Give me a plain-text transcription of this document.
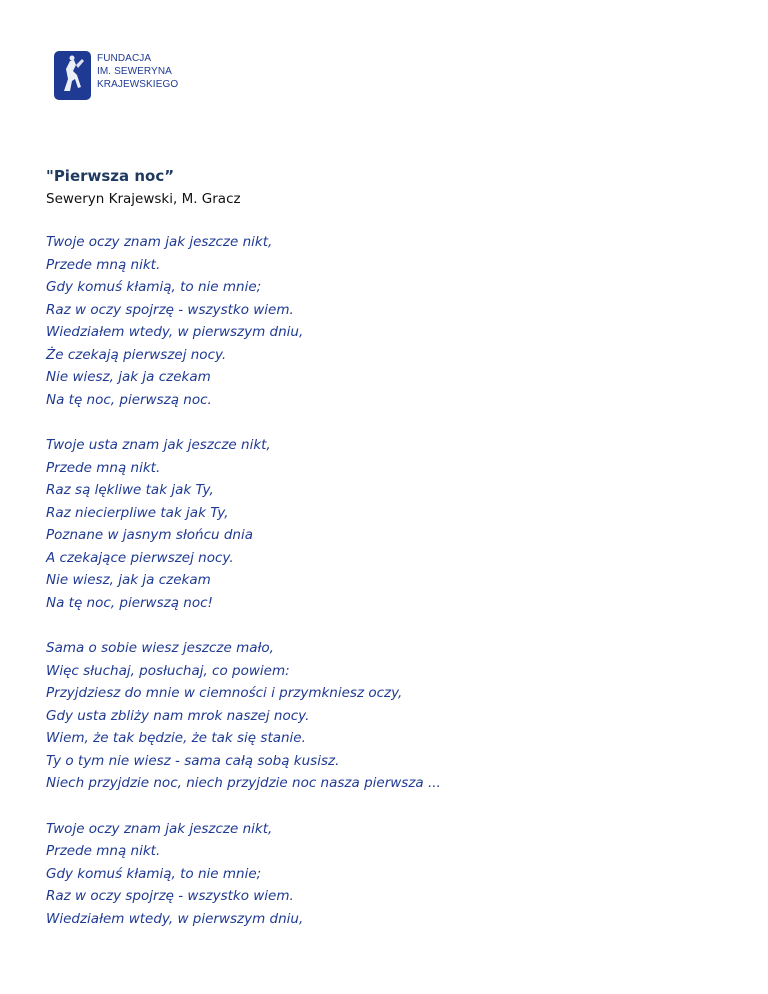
FUNDACJA
IM. SEWERYNA
KRAJEWSKIEGO
"Pierwsza noc”
Seweryn Krajewski, M. Gracz
Twoje oczy znam jak jeszcze nikt,
Przede mną nikt.
Gdy komuś kłamią, to nie mnie;
Raz w oczy spojrzę - wszystko wiem.
Wiedziałem wtedy, w pierwszym dniu,
Że czekają pierwszej nocy.
Nie wiesz, jak ja czekam
Na tę noc, pierwszą noc.
Twoje usta znam jak jeszcze nikt,
Przede mną nikt.
Raz są lękliwe tak jak Ty,
Raz niecierpliwe tak jak Ty,
Poznane w jasnym słońcu dnia
A czekające pierwszej nocy.
Nie wiesz, jak ja czekam
Na tę noc, pierwszą noc!
Sama o sobie wiesz jeszcze mało,
Więc słuchaj, posłuchaj, co powiem:
Przyjdziesz do mnie w ciemności i przymkniesz oczy,
Gdy usta zbliży nam mrok naszej nocy.
Wiem, że tak będzie, że tak się stanie.
Ty o tym nie wiesz - sama całą sobą kusisz.
Niech przyjdzie noc, niech przyjdzie noc nasza pierwsza ...
Twoje oczy znam jak jeszcze nikt,
Przede mną nikt.
Gdy komuś kłamią, to nie mnie;
Raz w oczy spojrzę - wszystko wiem.
Wiedziałem wtedy, w pierwszym dniu,
